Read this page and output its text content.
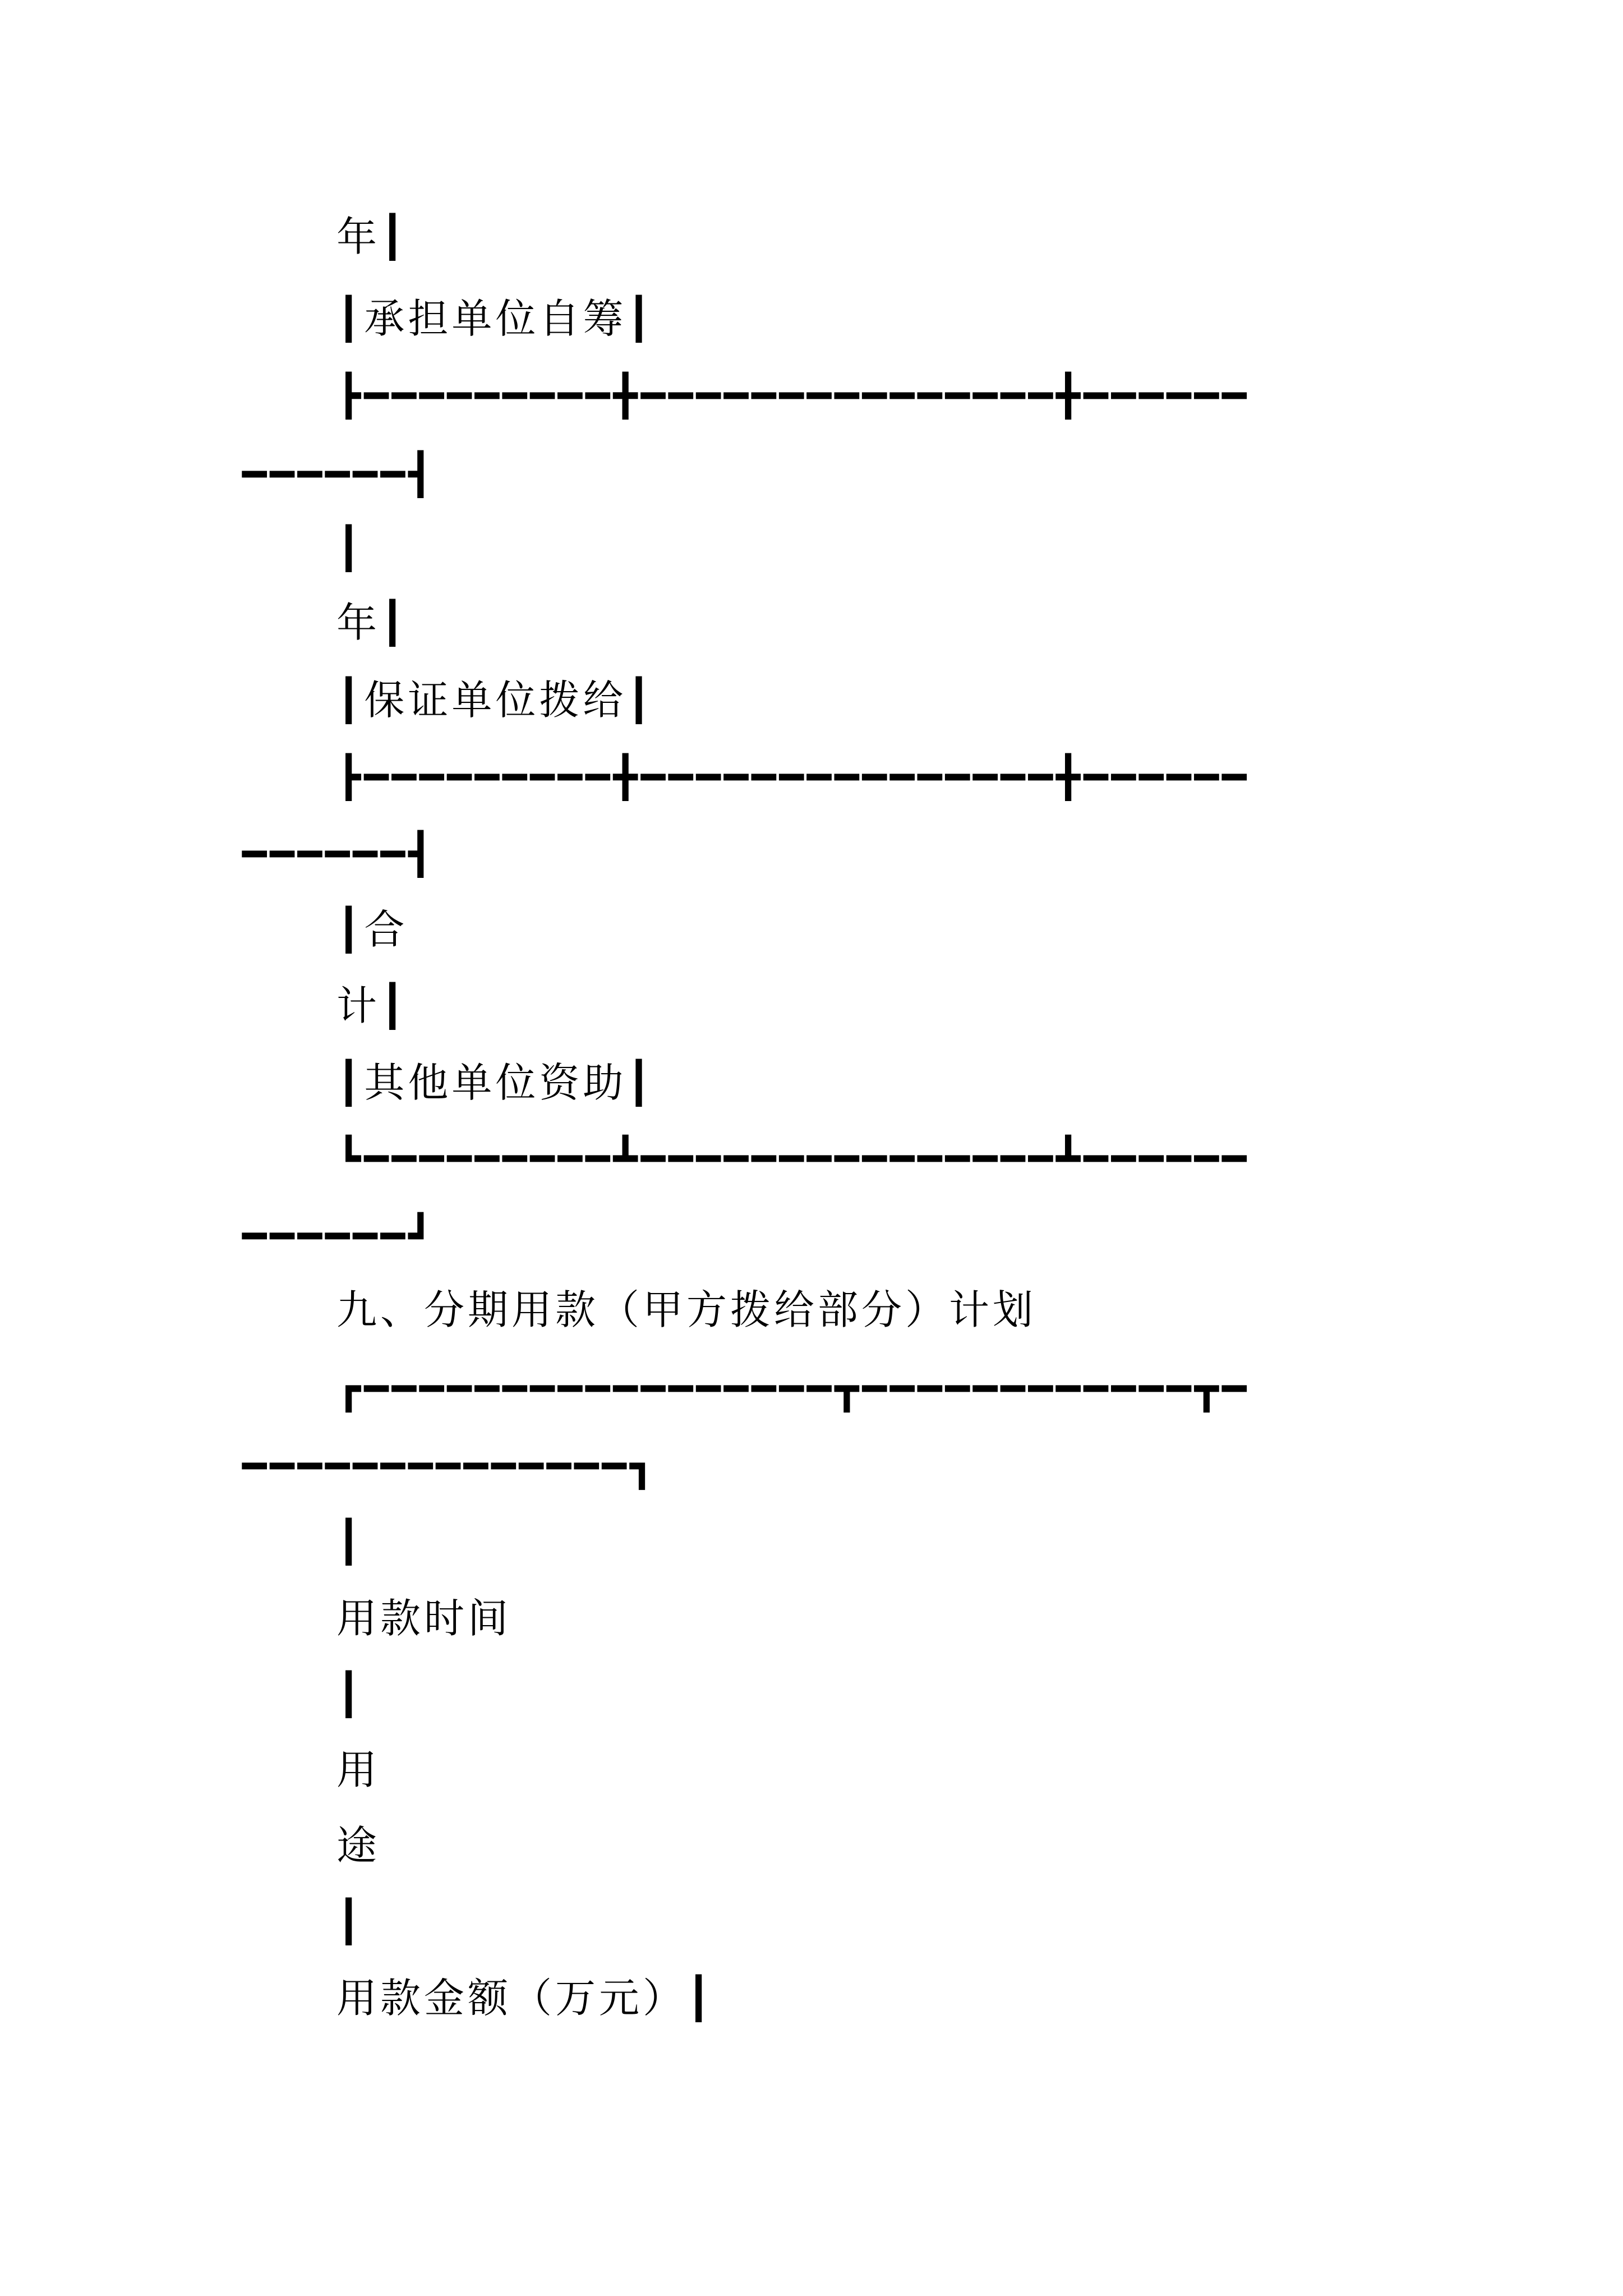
年┃
┃承担单位自筹┃
┣━━━━━━━━━╋━━━━━━━━━━━━━━━╋━━━━━━
━━━━━━┫
┃
年┃
┃保证单位拨给┃
┣━━━━━━━━━╋━━━━━━━━━━━━━━━╋━━━━━━
━━━━━━┫
┃合
计┃
┃其他单位资助┃
┗━━━━━━━━━┻━━━━━━━━━━━━━━━┻━━━━━━
━━━━━━┛
九、分期用款（甲方拨给部分）计划
┏━━━━━━━━━━━━━━━━━┳━━━━━━━━━━━━┳━
━━━━━━━━━━━━━━┓
┃
用款时间
┃
用
途
┃
用款金额（万元）┃
